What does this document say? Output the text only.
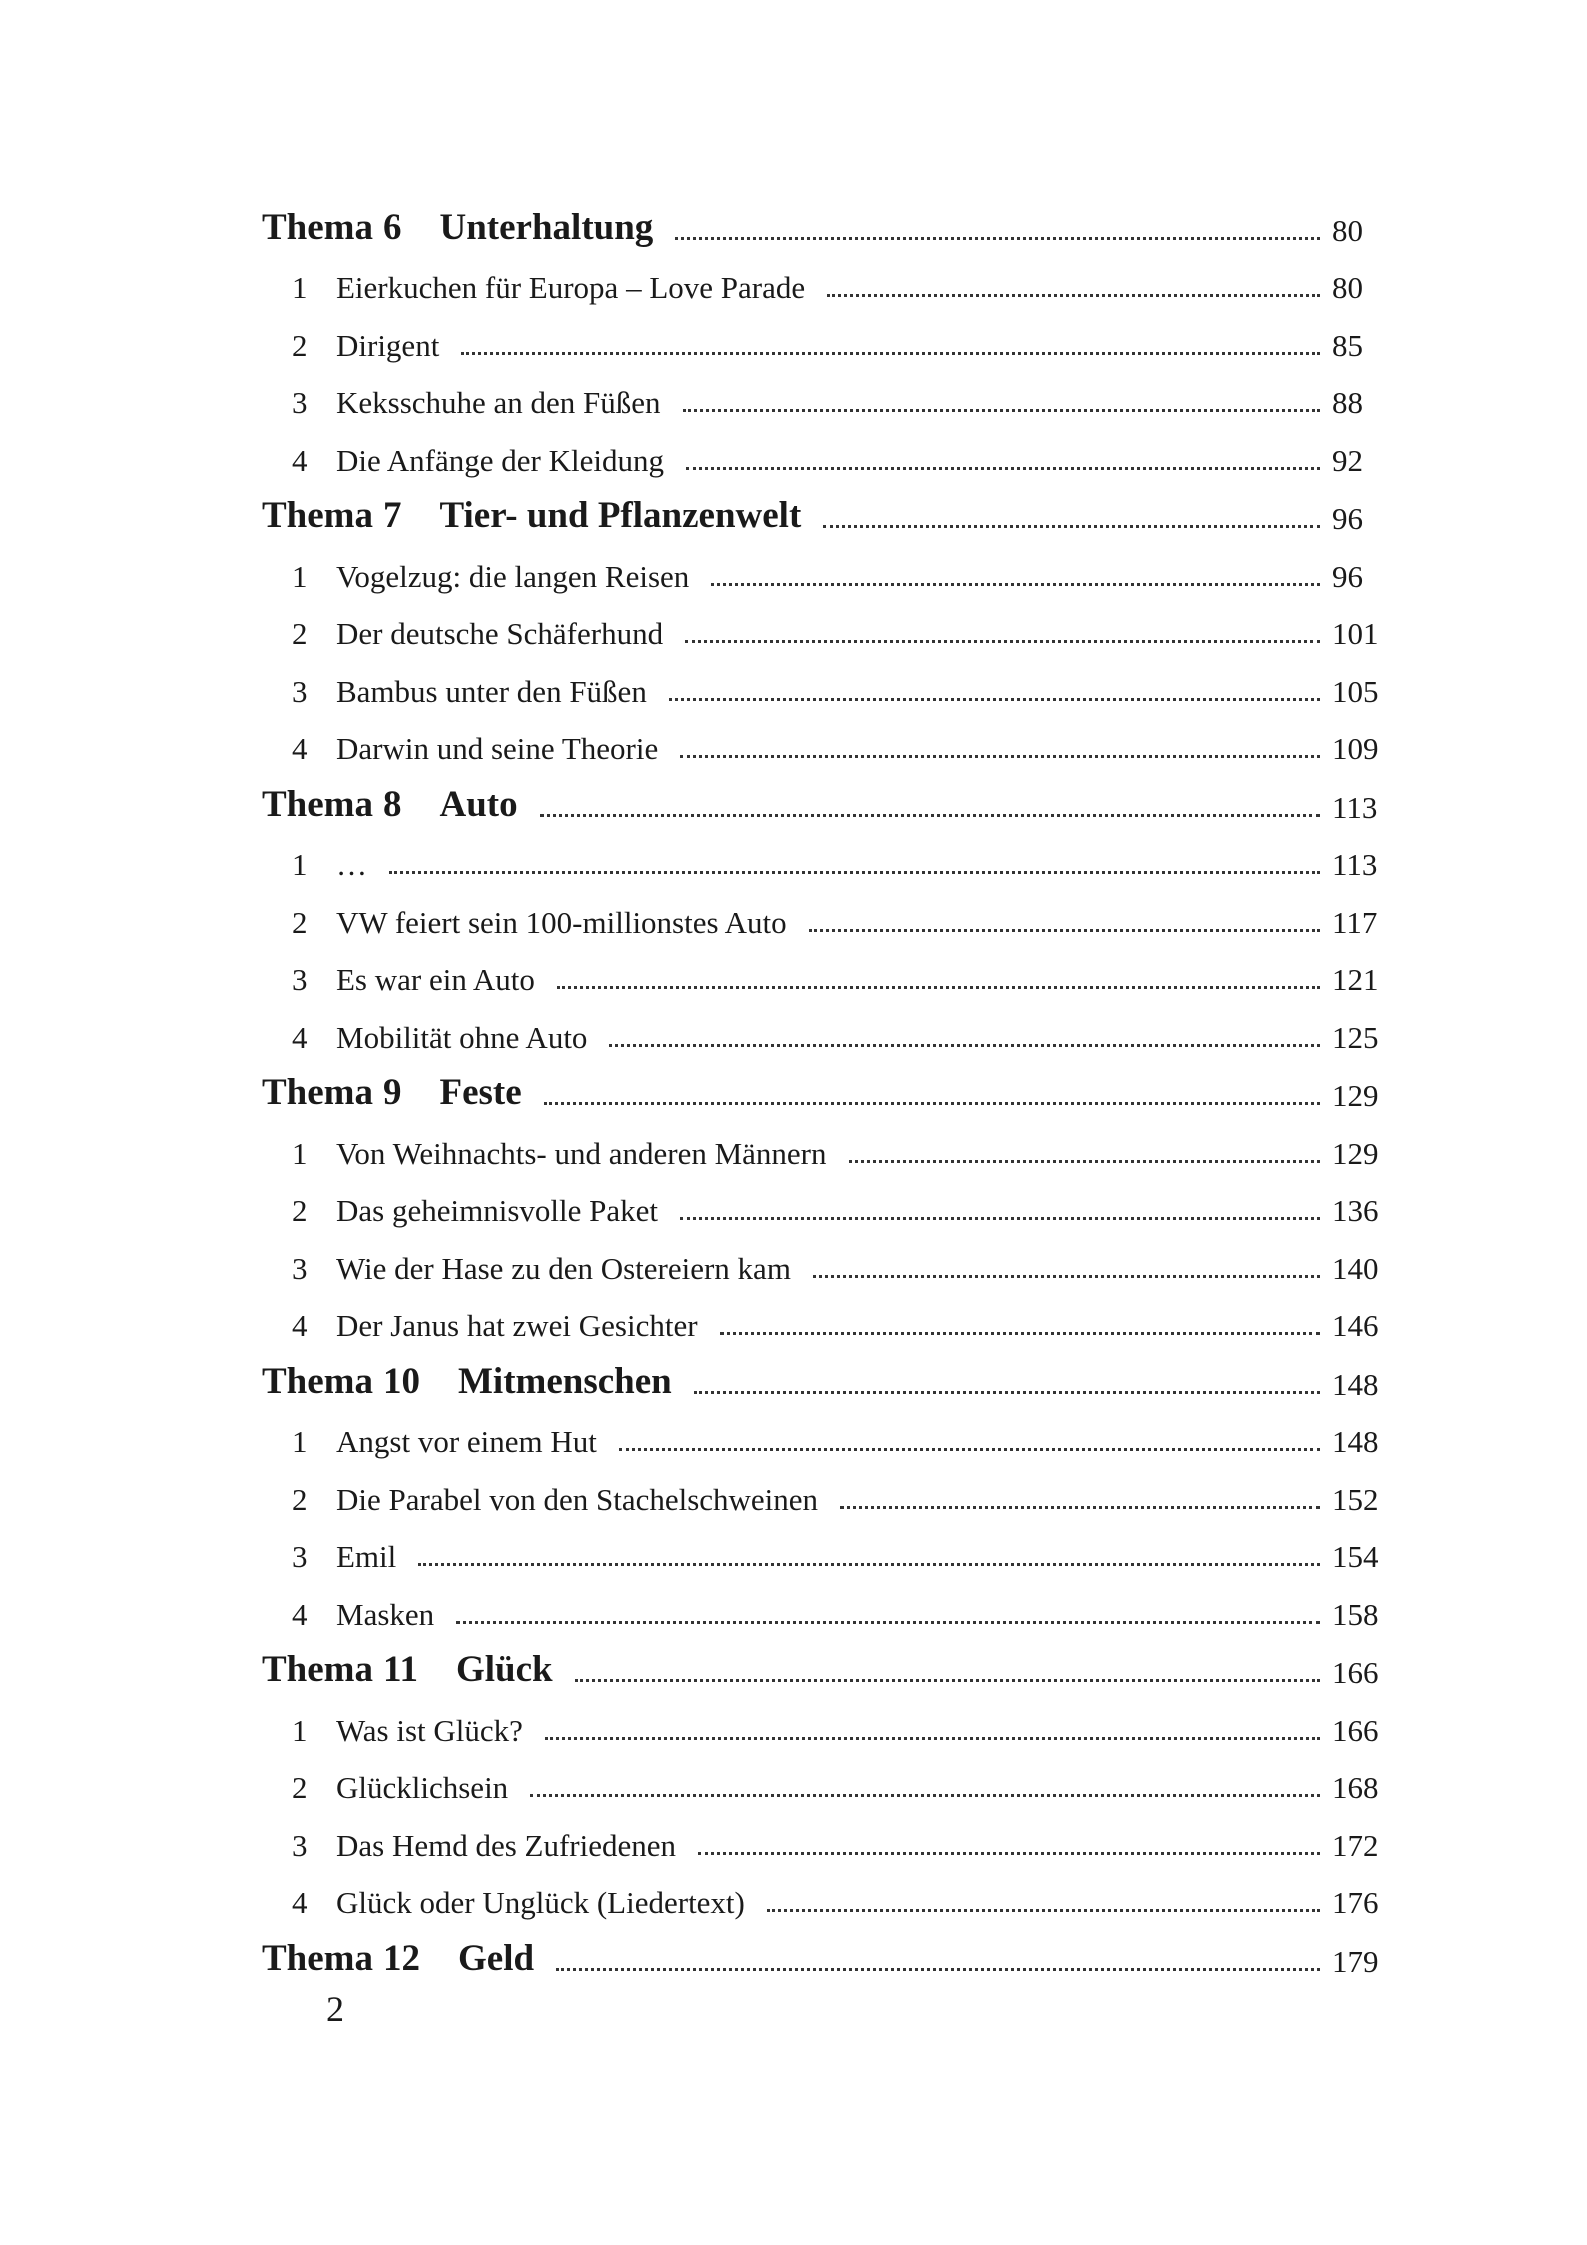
Thema 6 Unterhaltung	80
1 Eierkuchen für Europa – Love Parade	80
2 Dirigent	85
3 Keksschuhe an den Füßen	88
4 Die Anfänge der Kleidung	92
Thema 7 Tier- und Pflanzenwelt	96
1 Vogelzug: die langen Reisen	96
2 Der deutsche Schäferhund	101
3 Bambus unter den Füßen	105
4 Darwin und seine Theorie	109
Thema 8 Auto	113
1 …	113
2 VW feiert sein 100-millionstes Auto	117
3 Es war ein Auto	121
4 Mobilität ohne Auto	125
Thema 9 Feste	129
1 Von Weihnachts- und anderen Männern	129
2 Das geheimnisvolle Paket	136
3 Wie der Hase zu den Ostereiern kam	140
4 Der Janus hat zwei Gesichter	146
Thema 10 Mitmenschen	148
1 Angst vor einem Hut	148
2 Die Parabel von den Stachelschweinen	152
3 Emil	154
4 Masken	158
Thema 11 Glück	166
1 Was ist Glück?	166
2 Glücklichsein	168
3 Das Hemd des Zufriedenen	172
4 Glück oder Unglück (Liedertext)	176
Thema 12 Geld	179
2
